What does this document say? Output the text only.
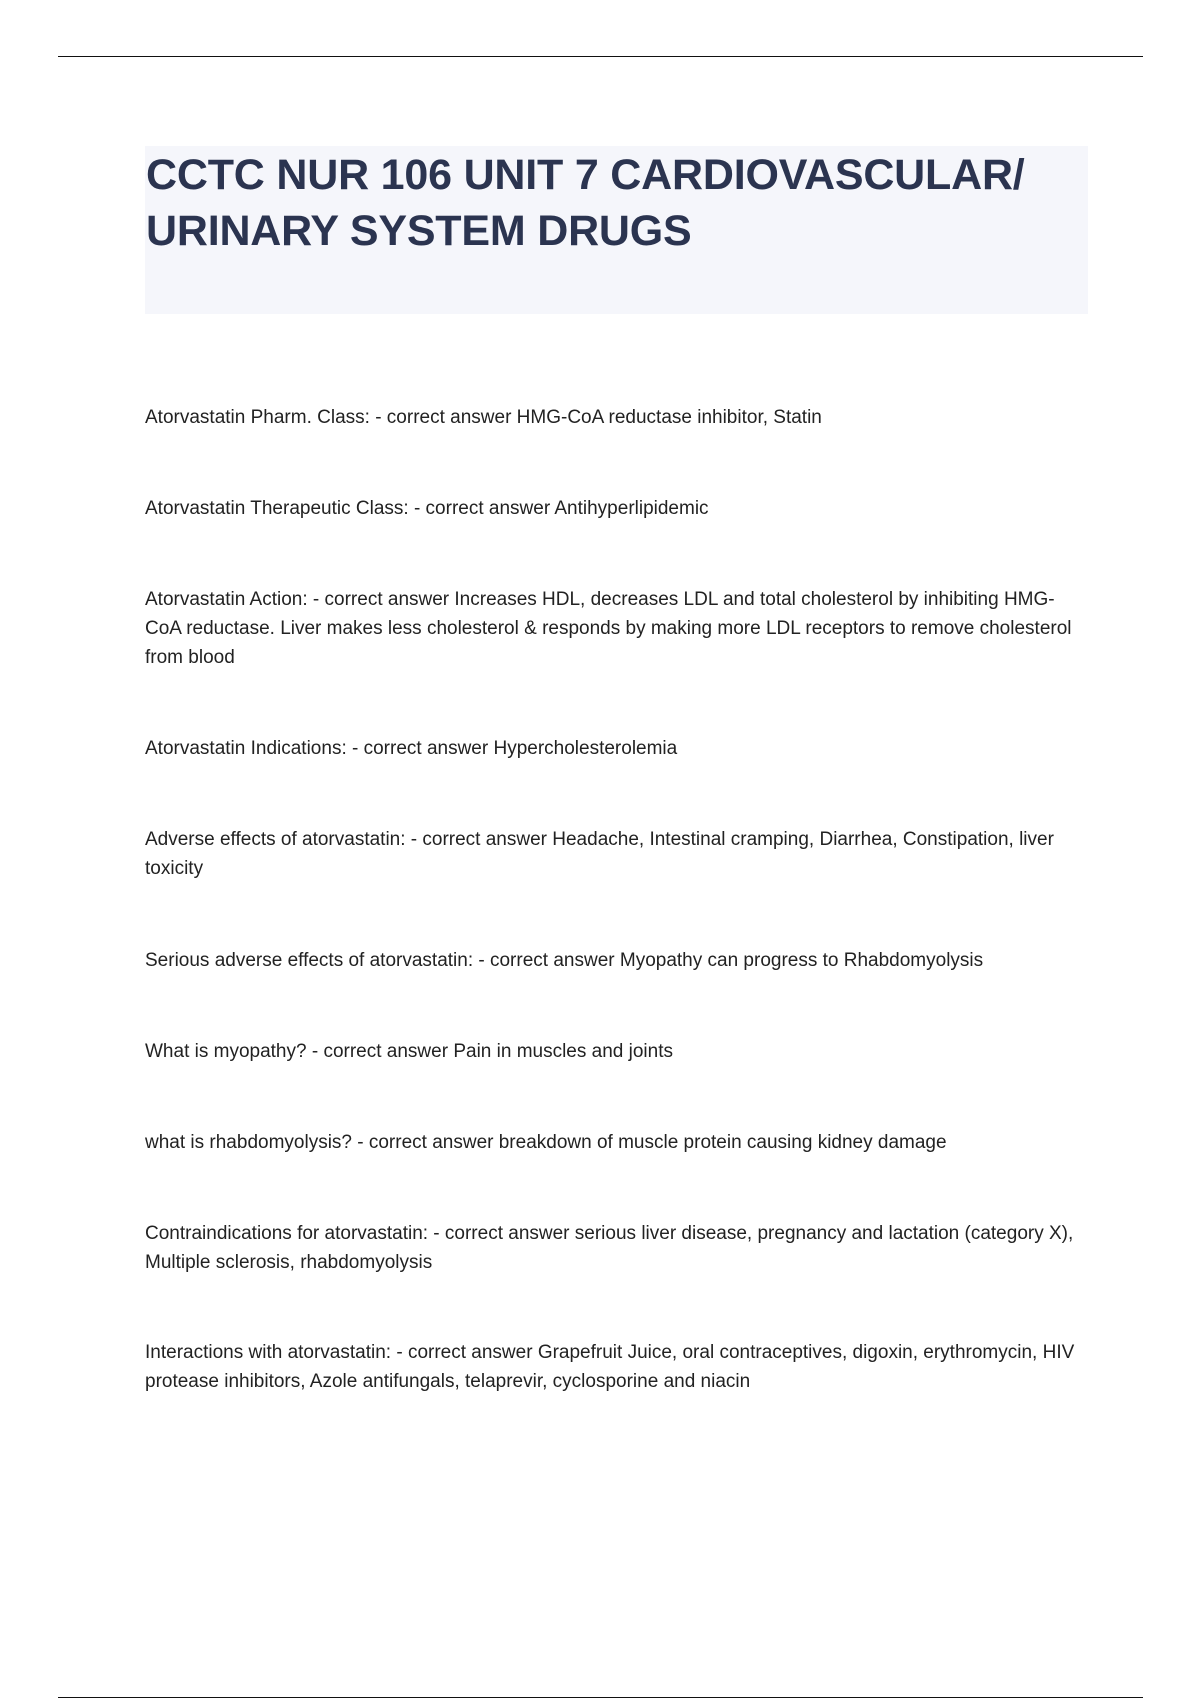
CCTC NUR 106 UNIT 7 CARDIOVASCULAR/ URINARY SYSTEM DRUGS

Atorvastatin Pharm. Class: - correct answer HMG-CoA reductase inhibitor, Statin

Atorvastatin Therapeutic Class: - correct answer Antihyperlipidemic

Atorvastatin Action: - correct answer Increases HDL, decreases LDL and total cholesterol by inhibiting HMG-CoA reductase. Liver makes less cholesterol & responds by making more LDL receptors to remove cholesterol from blood

Atorvastatin Indications: - correct answer Hypercholesterolemia

Adverse effects of atorvastatin: - correct answer Headache, Intestinal cramping, Diarrhea, Constipation, liver toxicity

Serious adverse effects of atorvastatin: - correct answer Myopathy can progress to Rhabdomyolysis

What is myopathy? - correct answer Pain in muscles and joints

what is rhabdomyolysis? - correct answer breakdown of muscle protein causing kidney damage

Contraindications for atorvastatin: - correct answer serious liver disease, pregnancy and lactation (category X), Multiple sclerosis, rhabdomyolysis

Interactions with atorvastatin: - correct answer Grapefruit Juice, oral contraceptives, digoxin, erythromycin, HIV protease inhibitors, Azole antifungals, telaprevir, cyclosporine and niacin
